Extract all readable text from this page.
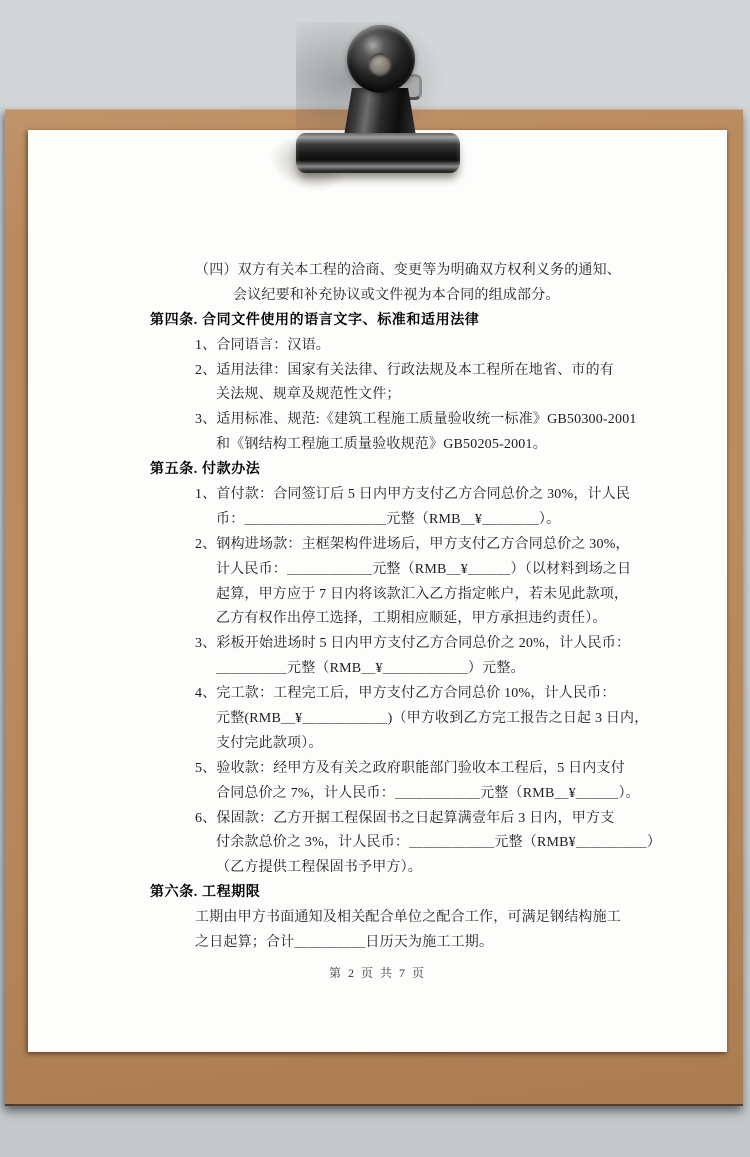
（四）双方有关本工程的洽商、变更等为明确双方权利义务的通知、
会议纪要和补充协议或文件视为本合同的组成部分。
第四条. 合同文件使用的语言文字、标准和适用法律
1、合同语言：汉语。
2、适用法律：国家有关法律、行政法规及本工程所在地省、市的有
关法规、规章及规范性文件；
3、适用标准、规范:《建筑工程施工质量验收统一标准》GB50300-2001
和《钢结构工程施工质量验收规范》GB50205-2001。
第五条. 付款办法
1、首付款：合同签订后 5 日内甲方支付乙方合同总价之 30%，计人民
币：＿＿＿＿＿＿＿＿＿＿元整（RMB＿¥＿＿＿＿）。
2、钢构进场款：主框架构件进场后，甲方支付乙方合同总价之 30%，
计人民币：＿＿＿＿＿＿元整（RMB＿¥＿＿＿）（以材料到场之日
起算，甲方应于 7 日内将该款汇入乙方指定帐户，若未见此款项，
乙方有权作出停工选择，工期相应顺延，甲方承担违约责任）。
3、彩板开始进场时 5 日内甲方支付乙方合同总价之 20%，计人民币：
＿＿＿＿＿元整（RMB＿¥＿＿＿＿＿＿）元整。
4、完工款：工程完工后，甲方支付乙方合同总价 10%，计人民币：
元整(RMB＿¥＿＿＿＿＿＿)（甲方收到乙方完工报告之日起 3 日内，
支付完此款项）。
5、验收款：经甲方及有关之政府职能部门验收本工程后，5 日内支付
合同总价之 7%，计人民币：＿＿＿＿＿＿元整（RMB＿¥＿＿＿）。
6、保固款：乙方开据工程保固书之日起算满壹年后 3 日内，甲方支
付余款总价之 3%，计人民币：＿＿＿＿＿＿元整（RMB¥＿＿＿＿＿）
（乙方提供工程保固书予甲方）。
第六条. 工程期限
工期由甲方书面通知及相关配合单位之配合工作，可满足钢结构施工
之日起算；合计＿＿＿＿＿日历天为施工工期。
第 2 页 共 7 页
